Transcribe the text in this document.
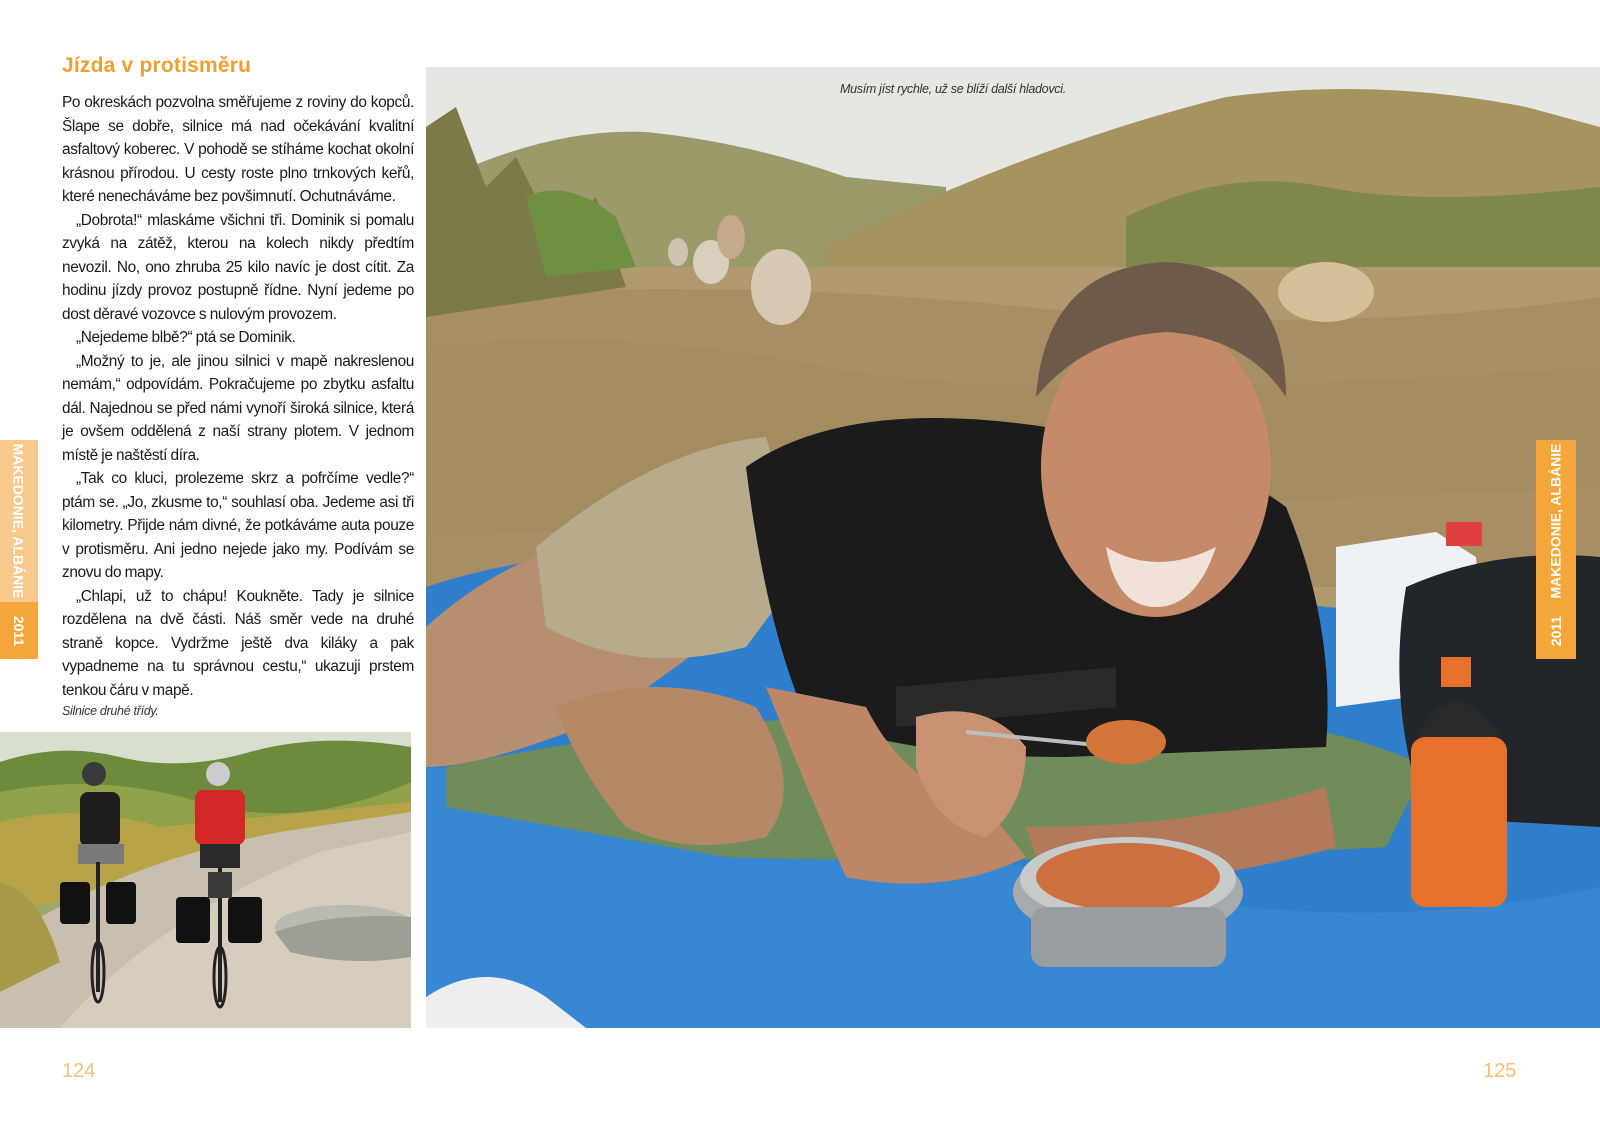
Jízda v protisměru

Po okreskách pozvolna směřujeme z roviny do kopců. Šlape se dobře, silnice má nad očekávání kvalitní asfaltový koberec. V pohodě se stíháme kochat okolní krásnou přírodou. U cesty roste plno trnkových keřů, které nenecháváme bez povšimnutí. Ochutnáváme.

„Dobrota!“ mlaskáme všichni tři. Dominik si pomalu zvyká na zátěž, kterou na kolech nikdy předtím nevozil. No, ono zhruba 25 kilo navíc je dost cítit. Za hodinu jízdy provoz postupně řídne. Nyní jedeme po dost děravé vozovce s nulovým provozem.

„Nejedeme blbě?“ ptá se Dominik.

„Možný to je, ale jinou silnici v mapě nakreslenou nemám,“ odpovídám. Pokračujeme po zbytku asfaltu dál. Najednou se před námi vynoří široká silnice, která je ovšem oddělená z naší strany plotem. V jednom místě je naštěstí díra.

„Tak co kluci, prolezeme skrz a pofrčíme vedle?“ ptám se. „Jo, zkusme to,“ souhlasí oba. Jedeme asi tři kilometry. Přijde nám divné, že potkáváme auta pouze v protisměru. Ani jedno nejede jako my. Podívám se znovu do mapy.

„Chlapi, už to chápu! Koukněte. Tady je silnice rozdělena na dvě části. Náš směr vede na druhé straně kopce. Vydržme ještě dva kiláky a pak vypadneme na tu správnou cestu,“ ukazuji prstem tenkou čáru v mapě.

Silnice druhé třídy.
MAKEDONIE, ALBÁNIE
2011
124
Musím jíst rychle, už se blíží další hladovci.
MAKEDONIE, ALBÁNIE
2011
125
